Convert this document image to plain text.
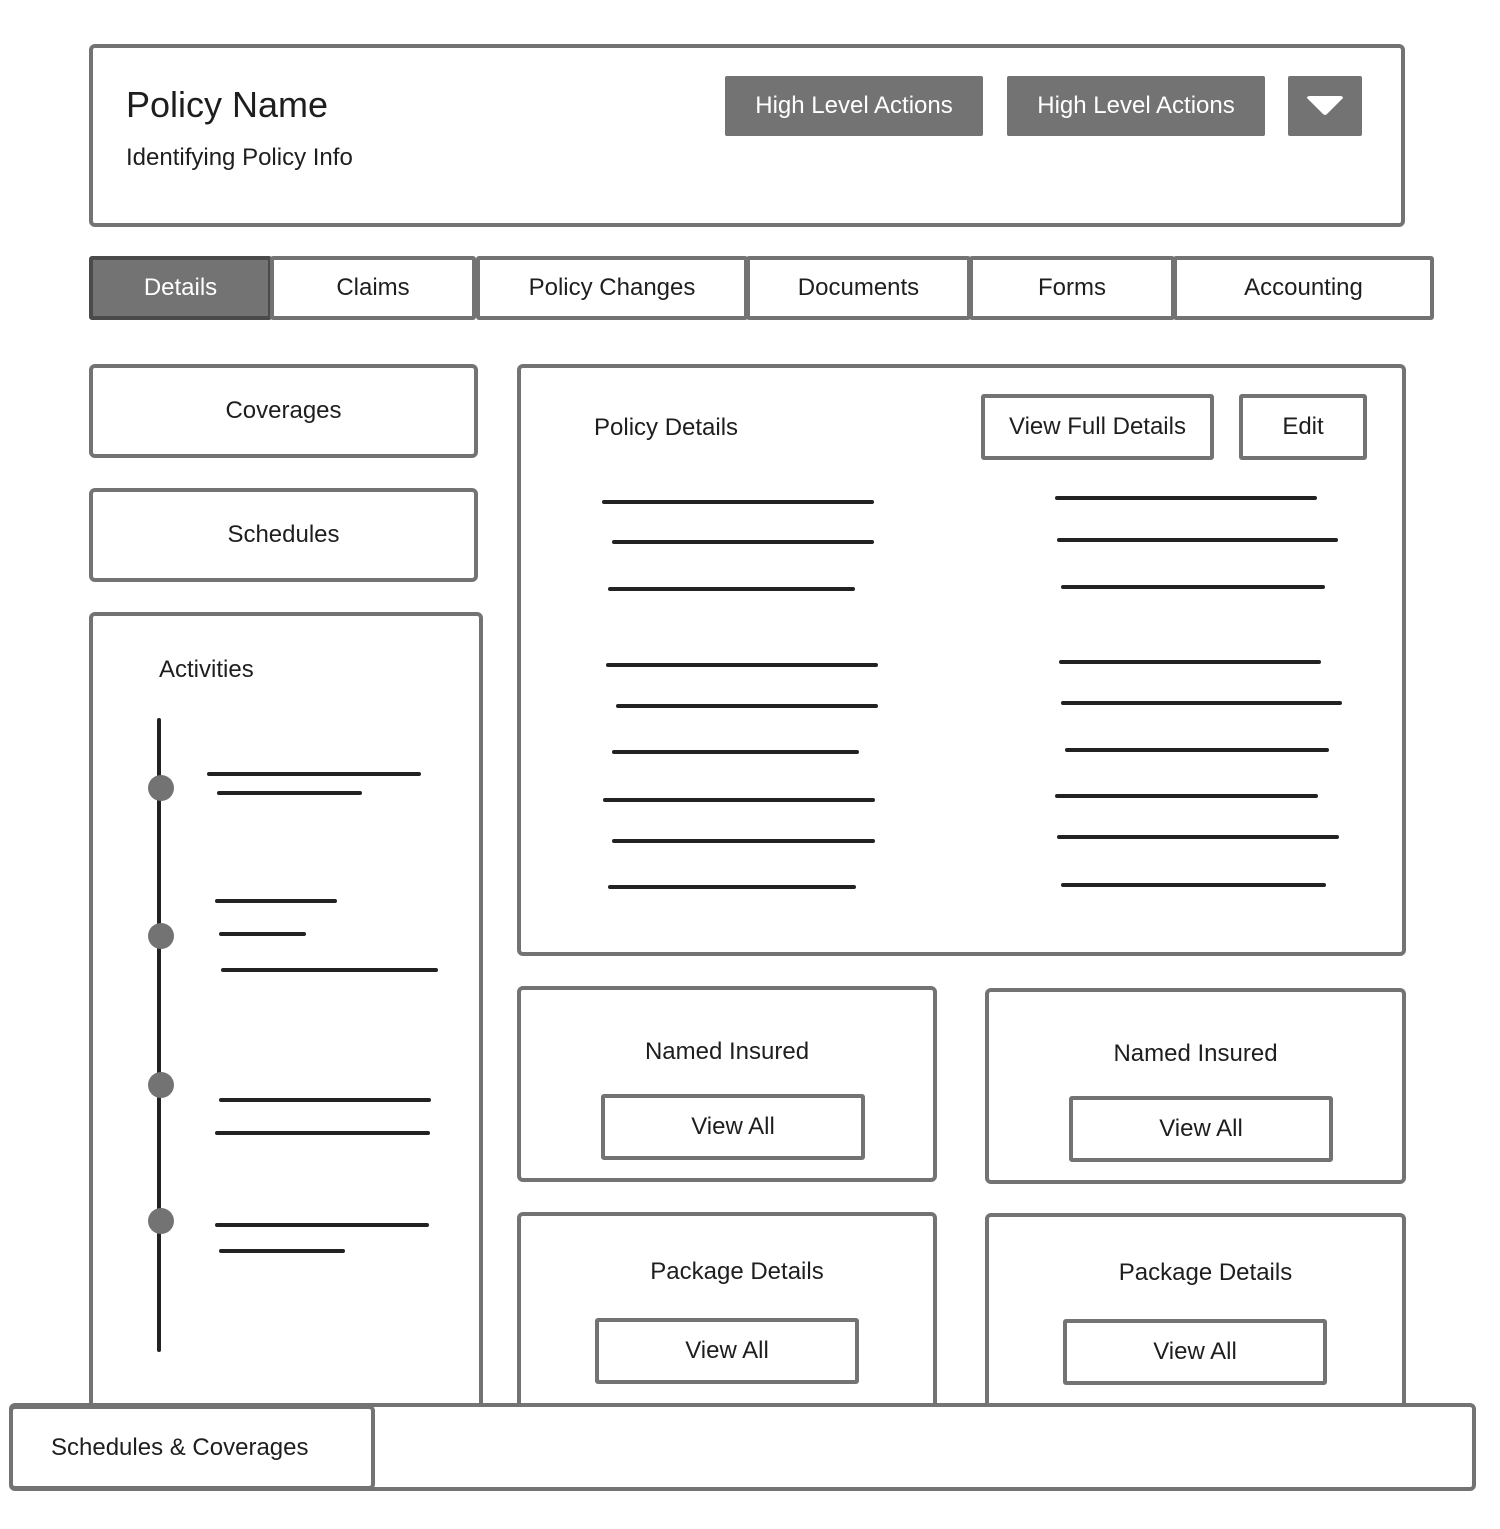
Policy Name
Identifying Policy Info
High Level Actions	High Level Actions
Details	Claims	Policy Changes	Documents	Forms	Accounting
Coverages
Schedules
Activities
Policy Details	View Full Details	Edit
Named Insured
View All
Named Insured
View All
Package Details
View All
Package Details
View All
Schedules & Coverages
